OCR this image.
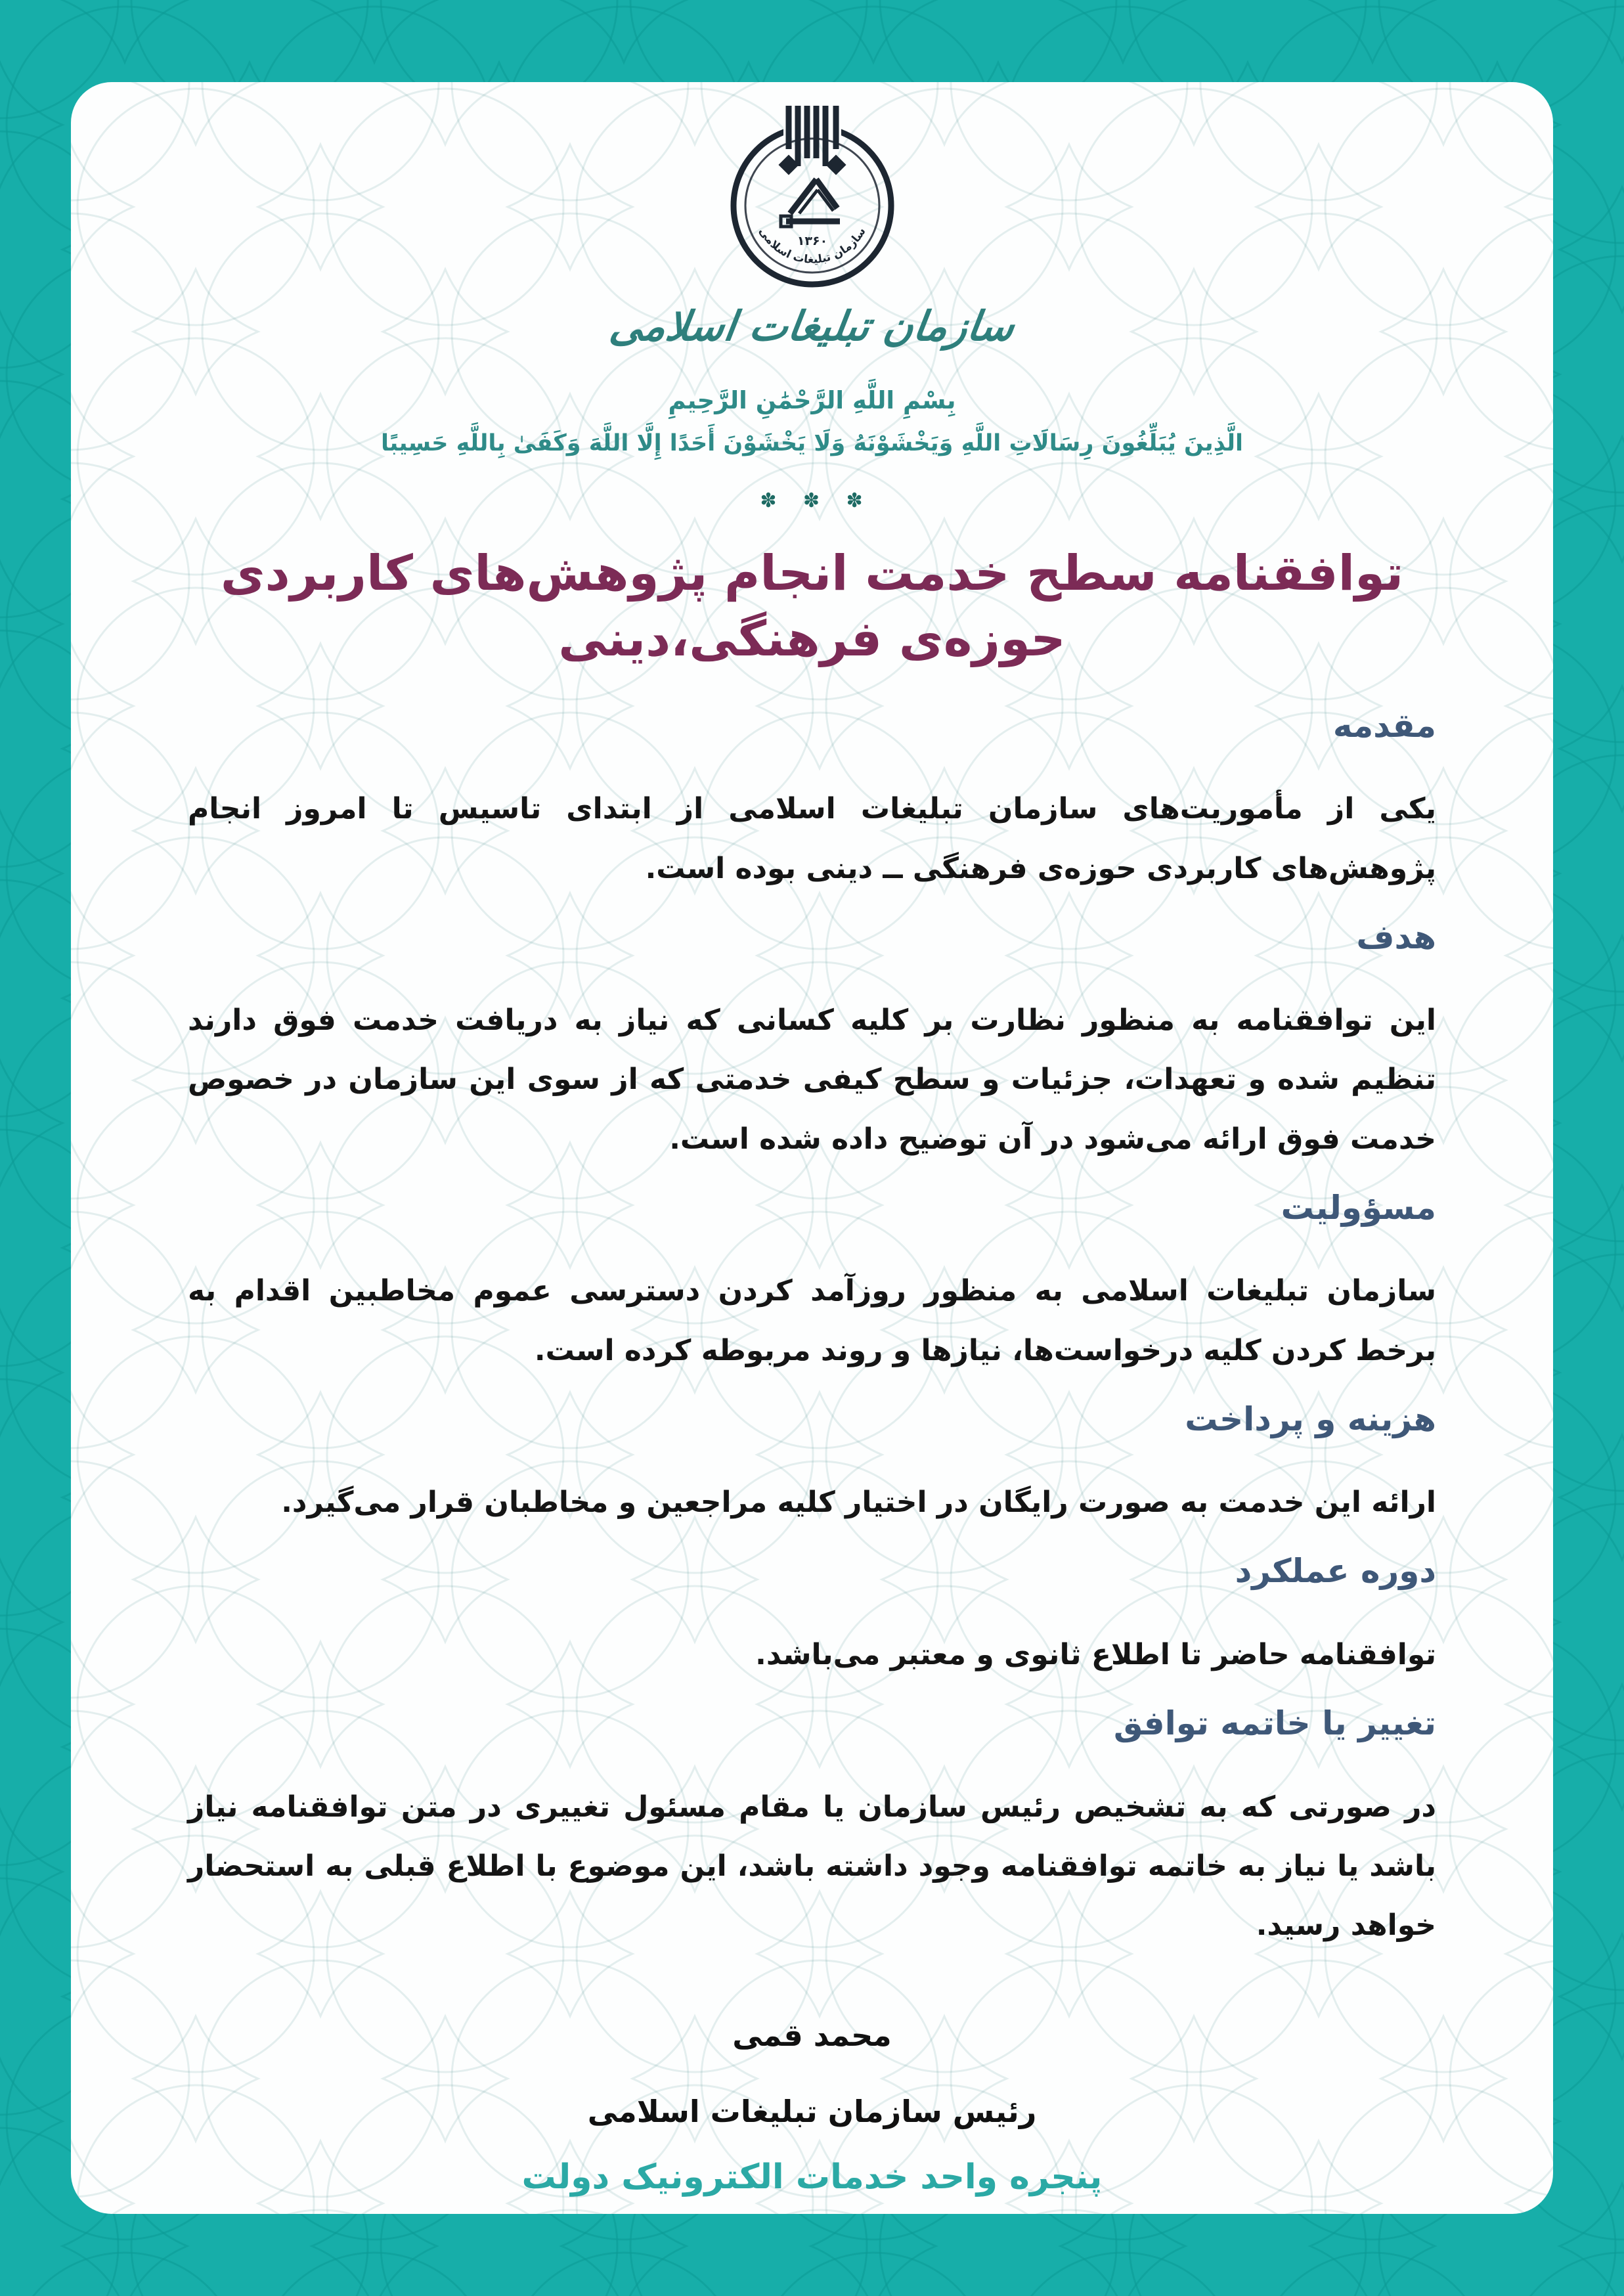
۱۳۶۰
سازمان تبلیغات اسلامی
سازمان تبلیغات اسلامی
بِسْمِ اللَّهِ الرَّحْمَٰنِ الرَّحِيمِ
الَّذِينَ يُبَلِّغُونَ رِسَالَاتِ اللَّهِ وَيَخْشَوْنَهُ وَلَا يَخْشَوْنَ أَحَدًا إِلَّا اللَّهَ وَكَفَىٰ بِاللَّهِ حَسِيبًا
✽ ✽ ✽
توافقنامه سطح خدمت انجام پژوهش‌های کاربردی حوزه‌ی فرهنگی،دینی
مقدمه

یکی از مأموریت‌های سازمان تبلیغات اسلامی از ابتدای تاسیس تا امروز انجام پژوهش‌های کاربردی حوزه‌ی فرهنگی ــ دینی بوده است.

هدف

این توافقنامه به منظور نظارت بر کلیه کسانی که نیاز به دریافت خدمت فوق دارند تنظیم شده و تعهدات، جزئیات و سطح کیفی خدمتی که از سوی این سازمان در خصوص خدمت فوق ارائه می‌شود در آن توضیح داده شده است.

مسؤولیت

سازمان تبلیغات اسلامی به منظور روزآمد کردن دسترسی عموم مخاطبین اقدام به برخط کردن کلیه درخواست‌ها، نیازها و روند مربوطه کرده است.

هزینه و پرداخت

ارائه این خدمت به صورت رایگان در اختیار کلیه مراجعین و مخاطبان قرار می‌گیرد.

دوره عملکرد

توافقنامه حاضر تا اطلاع ثانوی و معتبر می‌باشد.

تغییر یا خاتمه توافق

در صورتی که به تشخیص رئیس سازمان یا مقام مسئول تغییری در متن توافقنامه نیاز باشد یا نیاز به خاتمه توافقنامه وجود داشته باشد، این موضوع با اطلاع قبلی به استحضار خواهد رسید.

محمد قمی
رئیس سازمان تبلیغات اسلامی
پنجره واحد خدمات الکترونیک دولت
